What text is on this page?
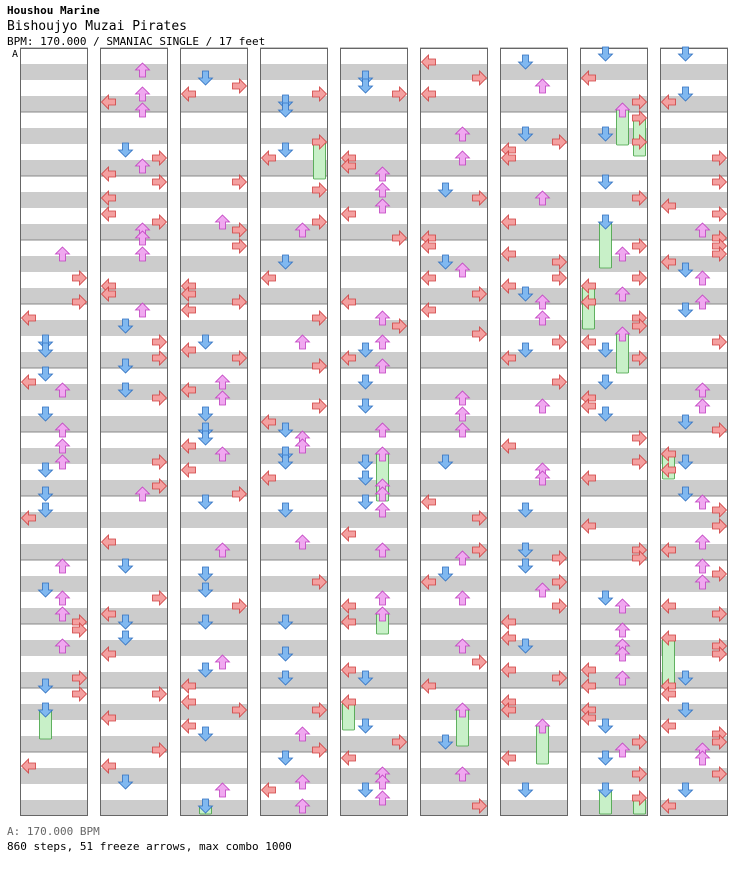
Houshou Marine
Bishoujyo Muzai Pirates
BPM: 170.000 / SMANIAC SINGLE / 17 feet
A
A: 170.000 BPM
860 steps, 51 freeze arrows, max combo 1000
